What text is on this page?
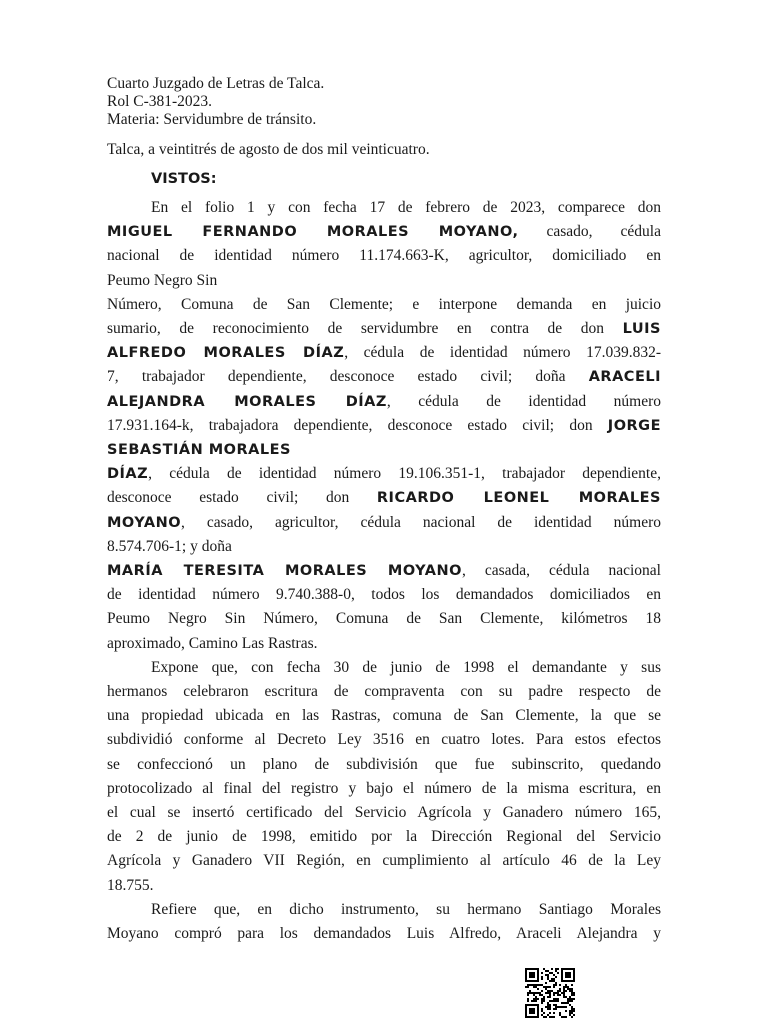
Cuarto Juzgado de Letras de Talca.
Rol C-381-2023.
Materia: Servidumbre de tránsito.
Talca, a veintitrés de agosto de dos mil veinticuatro.
VISTOS:
En el folio 1 y con fecha 17 de febrero de 2023, comparece don
MIGUEL FERNANDO MORALES MOYANO, casado, cédula
nacional de identidad número 11.174.663-K, agricultor, domiciliado en
Peumo Negro Sin
Número, Comuna de San Clemente; e interpone demanda en juicio
sumario, de reconocimiento de servidumbre en contra de don LUIS
ALFREDO MORALES DÍAZ, cédula de identidad número 17.039.832-
7, trabajador dependiente, desconoce estado civil; doña ARACELI
ALEJANDRA MORALES DÍAZ, cédula de identidad número
17.931.164-k, trabajadora dependiente, desconoce estado civil; don JORGE
SEBASTIÁN MORALES
DÍAZ, cédula de identidad número 19.106.351-1, trabajador dependiente,
desconoce estado civil; don RICARDO LEONEL MORALES
MOYANO, casado, agricultor, cédula nacional de identidad número
8.574.706-1; y doña
MARÍA TERESITA MORALES MOYANO, casada, cédula nacional
de identidad número 9.740.388-0, todos los demandados domiciliados en
Peumo Negro Sin Número, Comuna de San Clemente, kilómetros 18
aproximado, Camino Las Rastras.
Expone que, con fecha 30 de junio de 1998 el demandante y sus
hermanos celebraron escritura de compraventa con su padre respecto de
una propiedad ubicada en las Rastras, comuna de San Clemente, la que se
subdividió conforme al Decreto Ley 3516 en cuatro lotes. Para estos efectos
se confeccionó un plano de subdivisión que fue subinscrito, quedando
protocolizado al final del registro y bajo el número de la misma escritura, en
el cual se insertó certificado del Servicio Agrícola y Ganadero número 165,
de 2 de junio de 1998, emitido por la Dirección Regional del Servicio
Agrícola y Ganadero VII Región, en cumplimiento al artículo 46 de la Ley
18.755.
Refiere que, en dicho instrumento, su hermano Santiago Morales
Moyano compró para los demandados Luis Alfredo, Araceli Alejandra y
